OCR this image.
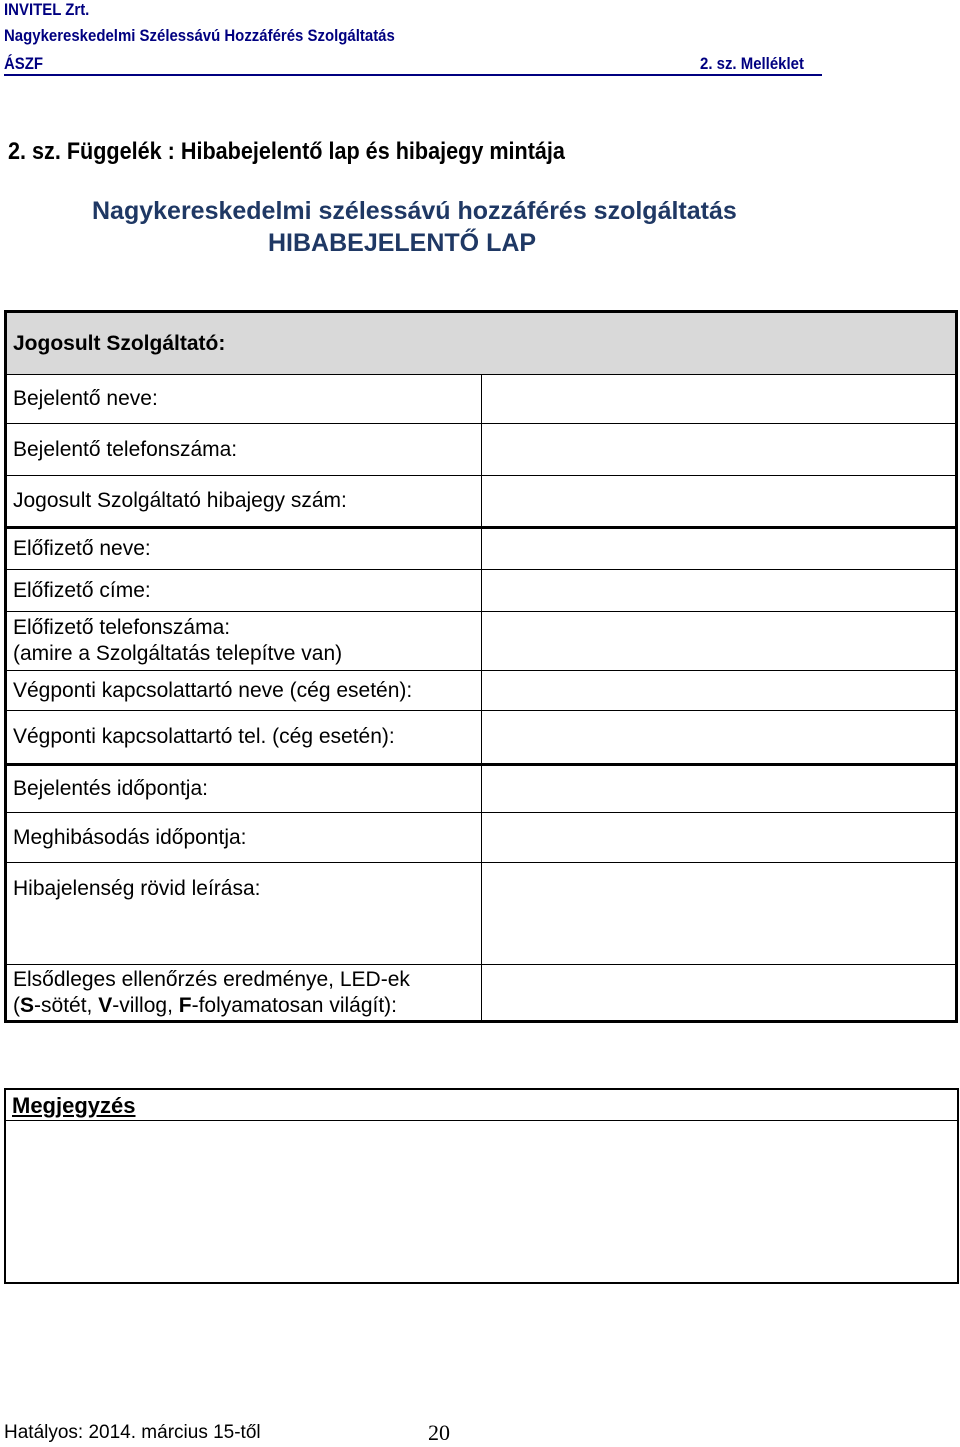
INVITEL Zrt.
Nagykereskedelmi Szélessávú Hozzáférés Szolgáltatás
ÁSZF	2. sz. Melléklet
2. sz. Függelék : Hibabejelentő lap és hibajegy mintája
Nagykereskedelmi szélessávú hozzáférés szolgáltatás
HIBABEJELENTŐ LAP
Jogosult Szolgáltató:	
Bejelentő neve:	
Bejelentő telefonszáma:	
Jogosult Szolgáltató hibajegy szám:	
Előfizető neve:	
Előfizető címe:	

Előfizető telefonszáma:
(amire a Szolgáltatás telepítve van)	

Végponti kapcsolattartó neve (cég esetén):	
Végponti kapcsolattartó tel. (cég esetén):	
Bejelentés időpontja:	
Meghibásodás időpontja:	
Hibajelenség rövid leírása:	

Elsődleges ellenőrzés eredménye, LED-ek
(S-sötét, V-villog, F-folyamatosan világít):	

Megjegyzés
Hatályos: 2014. március 15-től	20
